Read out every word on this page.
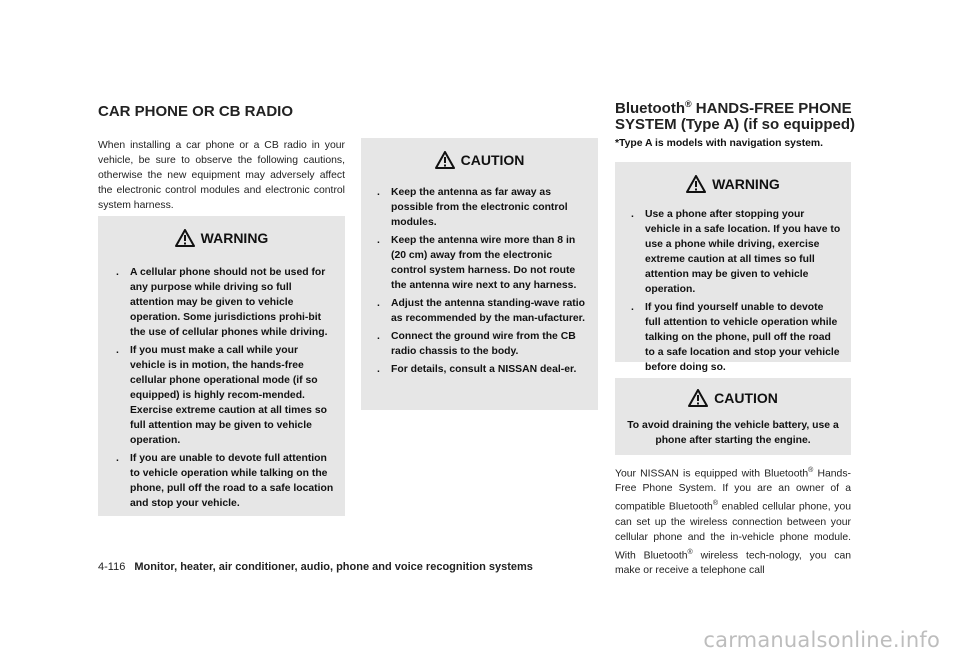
CAR PHONE OR CB RADIO

When installing a car phone or a CB radio in your vehicle, be sure to observe the following cautions, otherwise the new equipment may adversely affect the electronic control modules and electronic control system harness.

WARNING
. A cellular phone should not be used for any purpose while driving so full attention may be given to vehicle operation. Some jurisdictions prohi-bit the use of cellular phones while driving.
. If you must make a call while your vehicle is in motion, the hands-free cellular phone operational mode (if so equipped) is highly recom-mended. Exercise extreme caution at all times so full attention may be given to vehicle operation.
. If you are unable to devote full attention to vehicle operation while talking on the phone, pull off the road to a safe location and stop your vehicle.
CAUTION
. Keep the antenna as far away as possible from the electronic control modules.
. Keep the antenna wire more than 8 in (20 cm) away from the electronic control system harness. Do not route the antenna wire next to any harness.
. Adjust the antenna standing-wave ratio as recommended by the man-ufacturer.
. Connect the ground wire from the CB radio chassis to the body.
. For details, consult a NISSAN deal-er.
Bluetooth® HANDS-FREE PHONE
SYSTEM (Type A) (if so equipped)
*Type A is models with navigation system.
WARNING
. Use a phone after stopping your vehicle in a safe location. If you have to use a phone while driving, exercise extreme caution at all times so full attention may be given to vehicle operation.
. If you find yourself unable to devote full attention to vehicle operation while talking on the phone, pull off the road to a safe location and stop your vehicle before doing so.
CAUTION
To avoid draining the vehicle battery, use a phone after starting the engine.

Your NISSAN is equipped with Bluetooth® Hands-Free Phone System. If you are an owner of a compatible Bluetooth® enabled cellular phone, you can set up the wireless connection between your cellular phone and the in-vehicle phone module. With Bluetooth® wireless tech-nology, you can make or receive a telephone call

4-116 Monitor, heater, air conditioner, audio, phone and voice recognition systems
carmanualsonline.info
